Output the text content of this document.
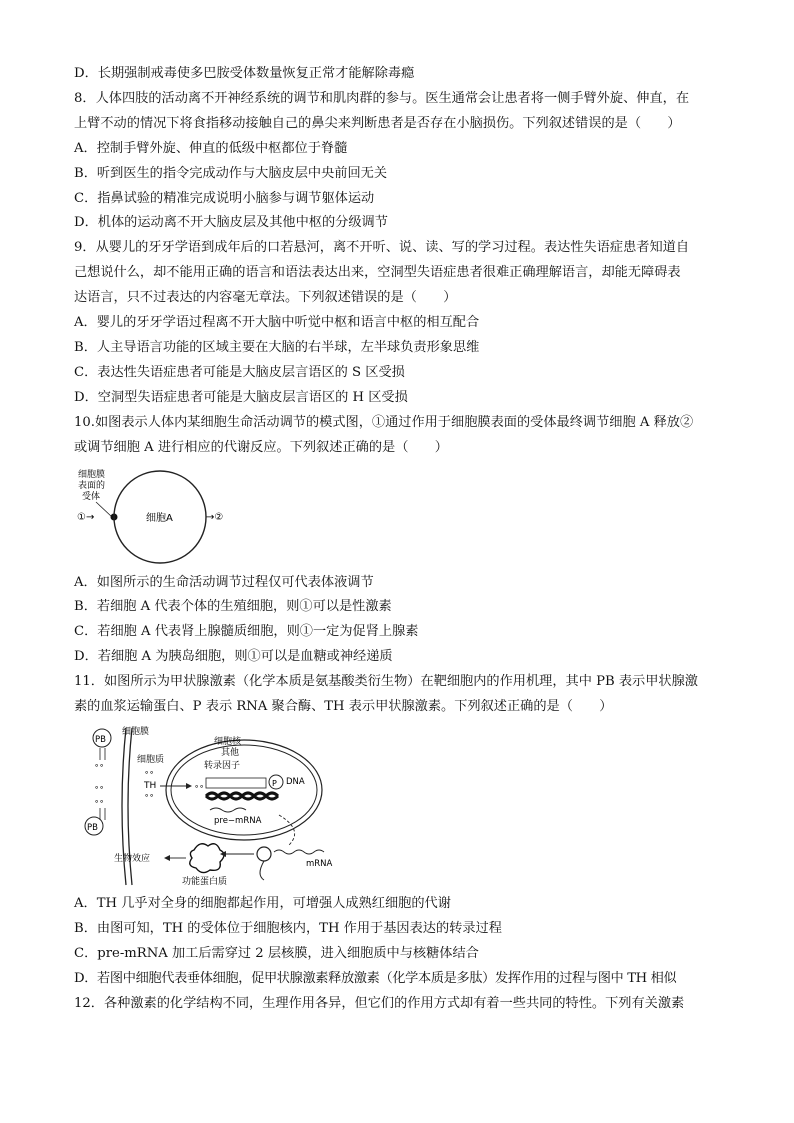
D．长期强制戒毒使多巴胺受体数量恢复正常才能解除毒瘾
8．人体四肢的活动离不开神经系统的调节和肌肉群的参与。医生通常会让患者将一侧手臂外旋、伸直，在
上臂不动的情况下将食指移动接触自己的鼻尖来判断患者是否存在小脑损伤。下列叙述错误的是（　　）
A．控制手臂外旋、伸直的低级中枢都位于脊髓
B．听到医生的指令完成动作与大脑皮层中央前回无关
C．指鼻试验的精准完成说明小脑参与调节躯体运动
D．机体的运动离不开大脑皮层及其他中枢的分级调节
9．从婴儿的牙牙学语到成年后的口若悬河，离不开听、说、读、写的学习过程。表达性失语症患者知道自
己想说什么，却不能用正确的语言和语法表达出来，空洞型失语症患者很难正确理解语言，却能无障碍表
达语言，只不过表达的内容毫无章法。下列叙述错误的是（　　）
A．婴儿的牙牙学语过程离不开大脑中听觉中枢和语言中枢的相互配合
B．人主导语言功能的区域主要在大脑的右半球，左半球负责形象思维
C．表达性失语症患者可能是大脑皮层言语区的 S 区受损
D．空洞型失语症患者可能是大脑皮层言语区的 H 区受损
10.如图表示人体内某细胞生命活动调节的模式图，①通过作用于细胞膜表面的受体最终调节细胞 A 释放②
或调节细胞 A 进行相应的代谢反应。下列叙述正确的是（　　）
细胞膜
表面的
受体
①→	细胞A	→②
A．如图所示的生命活动调节过程仅可代表体液调节
B．若细胞 A 代表个体的生殖细胞，则①可以是性激素
C．若细胞 A 代表肾上腺髓质细胞，则①一定为促肾上腺素
D．若细胞 A 为胰岛细胞，则①可以是血糖或神经递质
11．如图所示为甲状腺激素（化学本质是氨基酸类衍生物）在靶细胞内的作用机理，其中 PB 表示甲状腺激
素的血浆运输蛋白、P 表示 RNA 聚合酶、TH 表示甲状腺激素。下列叙述正确的是（　　）
PB
细胞膜
细胞质
∘∘
∘∘
∘∘
TH
∘∘
∘∘
PB
细胞核
其他
转录因子
∘∘	P DNA
pre−mRNA
mRNA
生物效应
功能蛋白质
A．TH 几乎对全身的细胞都起作用，可增强人成熟红细胞的代谢
B．由图可知，TH 的受体位于细胞核内，TH 作用于基因表达的转录过程
C．pre-mRNA 加工后需穿过 2 层核膜，进入细胞质中与核糖体结合
D．若图中细胞代表垂体细胞，促甲状腺激素释放激素（化学本质是多肽）发挥作用的过程与图中 TH 相似
12．各种激素的化学结构不同，生理作用各异，但它们的作用方式却有着一些共同的特性。下列有关激素
